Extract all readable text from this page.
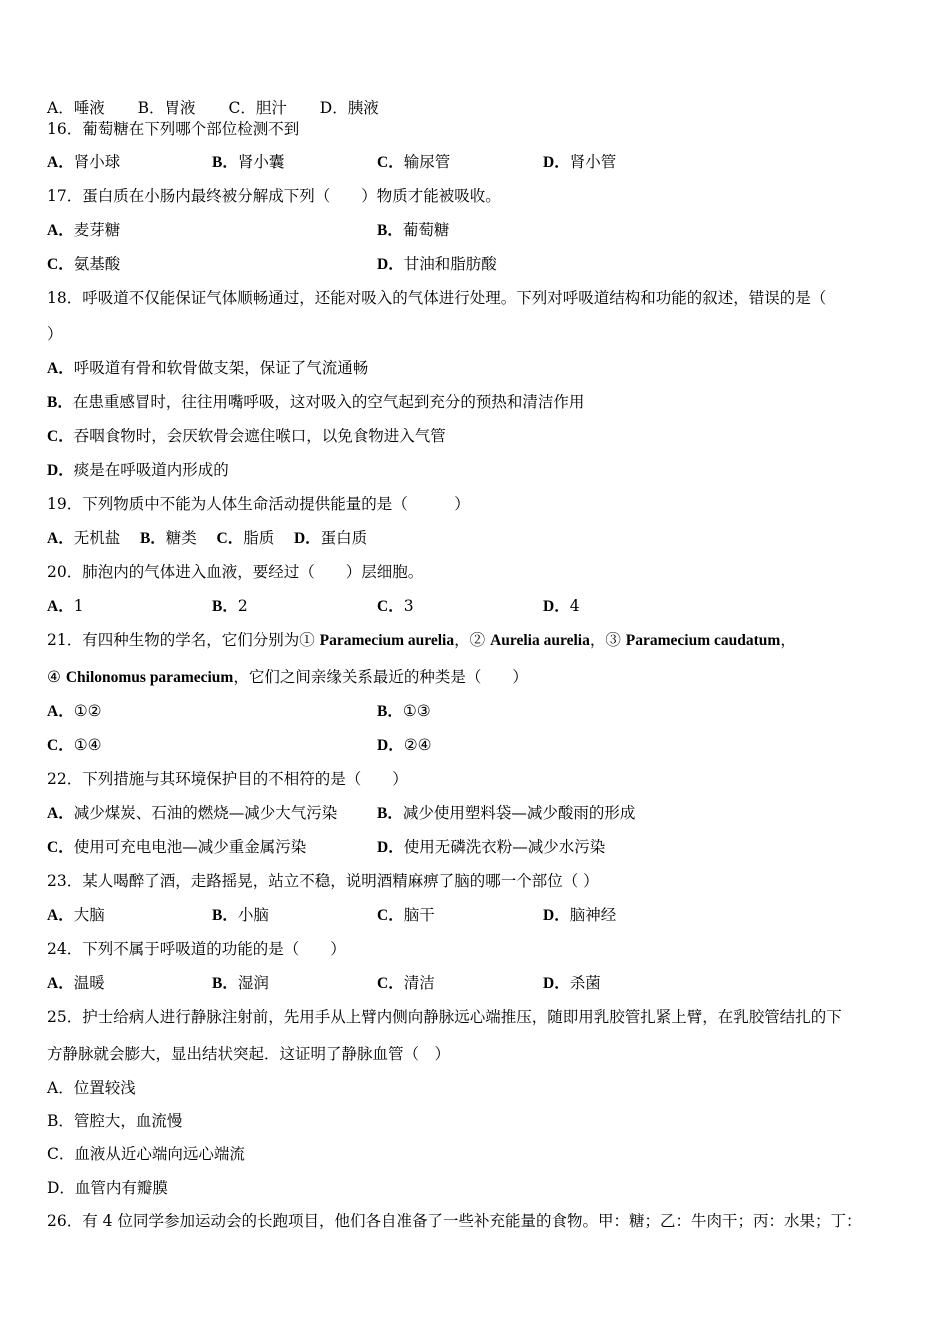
A．唾液 B．胃液 C．胆汁 D．胰液
16．葡萄糖在下列哪个部位检测不到
A．肾小球	B．肾小囊	C．输尿管	D．肾小管
17．蛋白质在小肠内最终被分解成下列（　　）物质才能被吸收。
A．麦芽糖	B．葡萄糖
C．氨基酸	D．甘油和脂肪酸
18．呼吸道不仅能保证气体顺畅通过，还能对吸入的气体进行处理。下列对呼吸道结构和功能的叙述，错误的是（
）
A．呼吸道有骨和软骨做支架，保证了气流通畅
B．在患重感冒时，往往用嘴呼吸，这对吸入的空气起到充分的预热和清洁作用
C．吞咽食物时，会厌软骨会遮住喉口，以免食物进入气管
D．痰是在呼吸道内形成的
19．下列物质中不能为人体生命活动提供能量的是（　　　）
A．无机盐 B．糖类 C．脂质 D．蛋白质
20．肺泡内的气体进入血液，要经过（　　）层细胞。
A．1	B．2	C．3	D．4
21．有四种生物的学名，它们分别为① Paramecium aurelia，② Aurelia aurelia，③ Paramecium caudatum，
④ Chilonomus paramecium，它们之间亲缘关系最近的种类是（　　）
A．①②	B．①③
C．①④	D．②④
22．下列措施与其环境保护目的不相符的是（　　）
A．减少煤炭、石油的燃烧—减少大气污染	B．减少使用塑料袋—减少酸雨的形成
C．使用可充电电池—减少重金属污染	D．使用无磷洗衣粉—减少水污染
23．某人喝醉了酒，走路摇晃，站立不稳，说明酒精麻痹了脑的哪一个部位（ ）
A．大脑	B．小脑	C．脑干	D．脑神经
24．下列不属于呼吸道的功能的是（　　）
A．温暖	B．湿润	C．清洁	D．杀菌
25．护士给病人进行静脉注射前，先用手从上臂内侧向静脉远心端推压，随即用乳胶管扎紧上臂，在乳胶管结扎的下
方静脉就会膨大，显出结状突起．这证明了静脉血管（　）
A．位置较浅
B．管腔大，血流慢
C．血液从近心端向远心端流
D．血管内有瓣膜
26．有 4 位同学参加运动会的长跑项目，他们各自准备了一些补充能量的食物。甲：糖；乙：牛肉干；丙：水果；丁：
